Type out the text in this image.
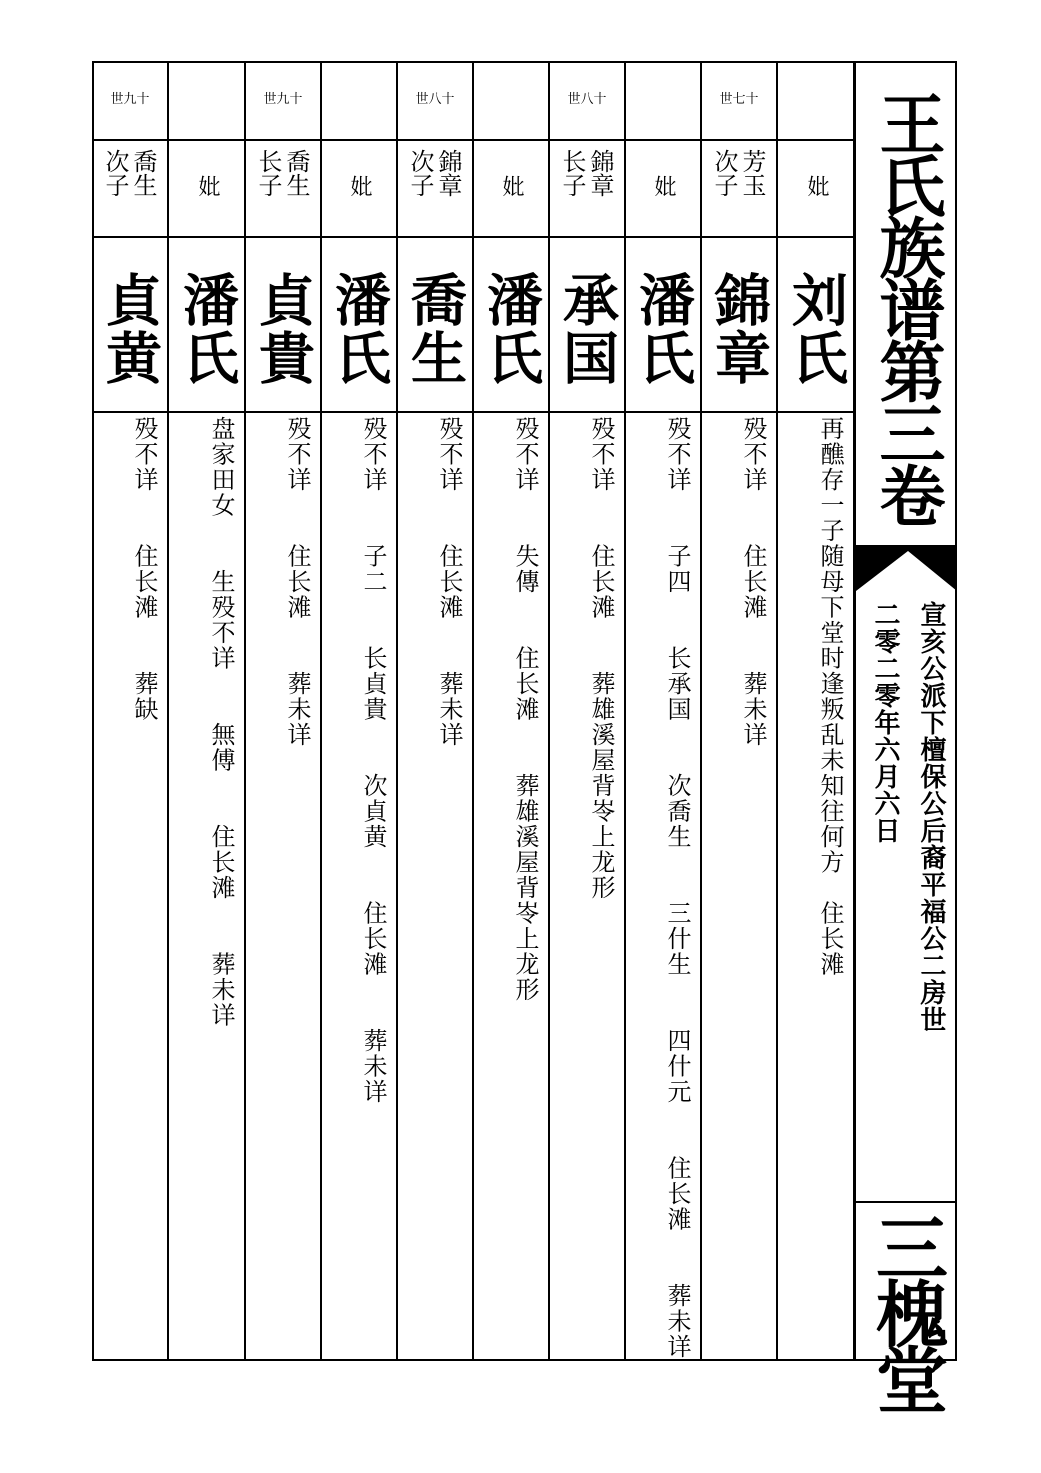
王氏族谱第三卷
宣亥公派下檀保公后裔平福公二房世
二零二零年六月六日
三槐堂
妣
刘氏
再醮存一子随母下堂时逢叛乱未知往何方　住长滩
世七十
芳玉
次子
錦章
殁不详　　住长滩　　葬未详
妣
潘氏
殁不详　　子四　　长承国　　次喬生　　三什生　　四什元　　住长滩　　葬未详
世八十
錦章
长子
承国
殁不详　　住长滩　　葬雄溪屋背岺上龙形
妣
潘氏
殁不详　　失傳　　住长滩　　葬雄溪屋背岺上龙形
世八十
錦章
次子
喬生
殁不详　　住长滩　　葬未详
妣
潘氏
殁不详　　子二　　长貞貴　　次貞黄　　住长滩　　葬未详
世九十
喬生
长子
貞貴
殁不详　　住长滩　　葬未详
妣
潘氏
盘家田女　　生殁不详　　無傅　　住长滩　　葬未详
世九十
喬生
次子
貞黄
殁不详　　住长滩　　葬缺
